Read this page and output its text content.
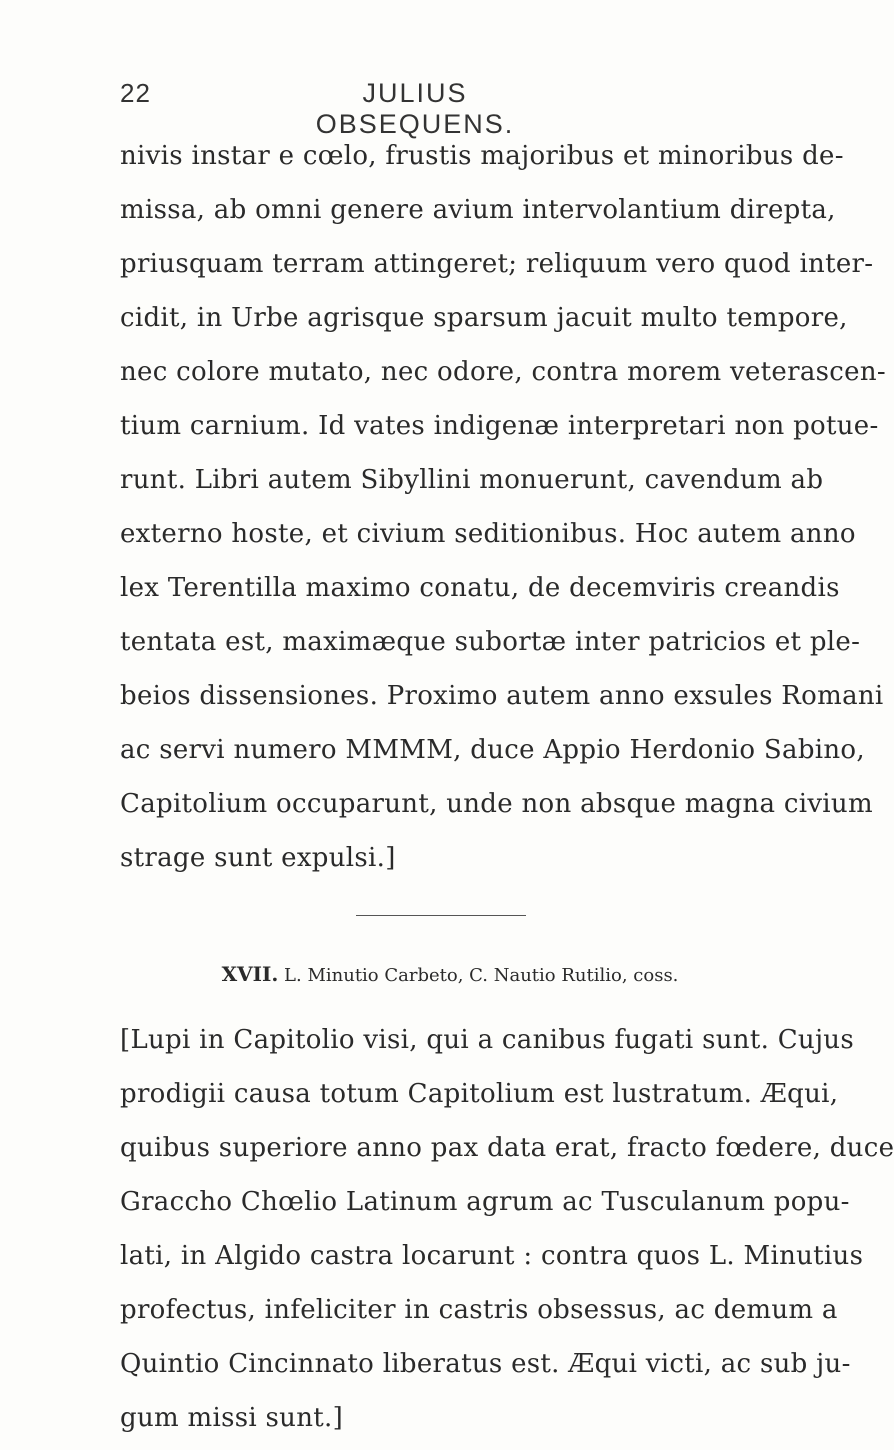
22	JULIUS OBSEQUENS.
nivis instar e cœlo, frustis majoribus et minoribus de-
missa, ab omni genere avium intervolantium direpta,
priusquam terram attingeret; reliquum vero quod inter-
cidit, in Urbe agrisque sparsum jacuit multo tempore,
nec colore mutato, nec odore, contra morem veterascen-
tium carnium. Id vates indigenæ interpretari non potue-
runt. Libri autem Sibyllini monuerunt, cavendum ab
externo hoste, et civium seditionibus. Hoc autem anno
lex Terentilla maximo conatu, de decemviris creandis
tentata est, maximæque subortæ inter patricios et ple-
beios dissensiones. Proximo autem anno exsules Romani
ac servi numero MMMM, duce Appio Herdonio Sabino,
Capitolium occuparunt, unde non absque magna civium
strage sunt expulsi.]
XVII. L. Minutio Carbeto, C. Nautio Rutilio, coss.
[Lupi in Capitolio visi, qui a canibus fugati sunt. Cujus
prodigii causa totum Capitolium est lustratum. Æqui,
quibus superiore anno pax data erat, fracto fœdere, duce
Graccho Chœlio Latinum agrum ac Tusculanum popu-
lati, in Algido castra locarunt : contra quos L. Minutius
profectus, infeliciter in castris obsessus, ac demum a
Quintio Cincinnato liberatus est. Æqui victi, ac sub ju-
gum missi sunt.]
